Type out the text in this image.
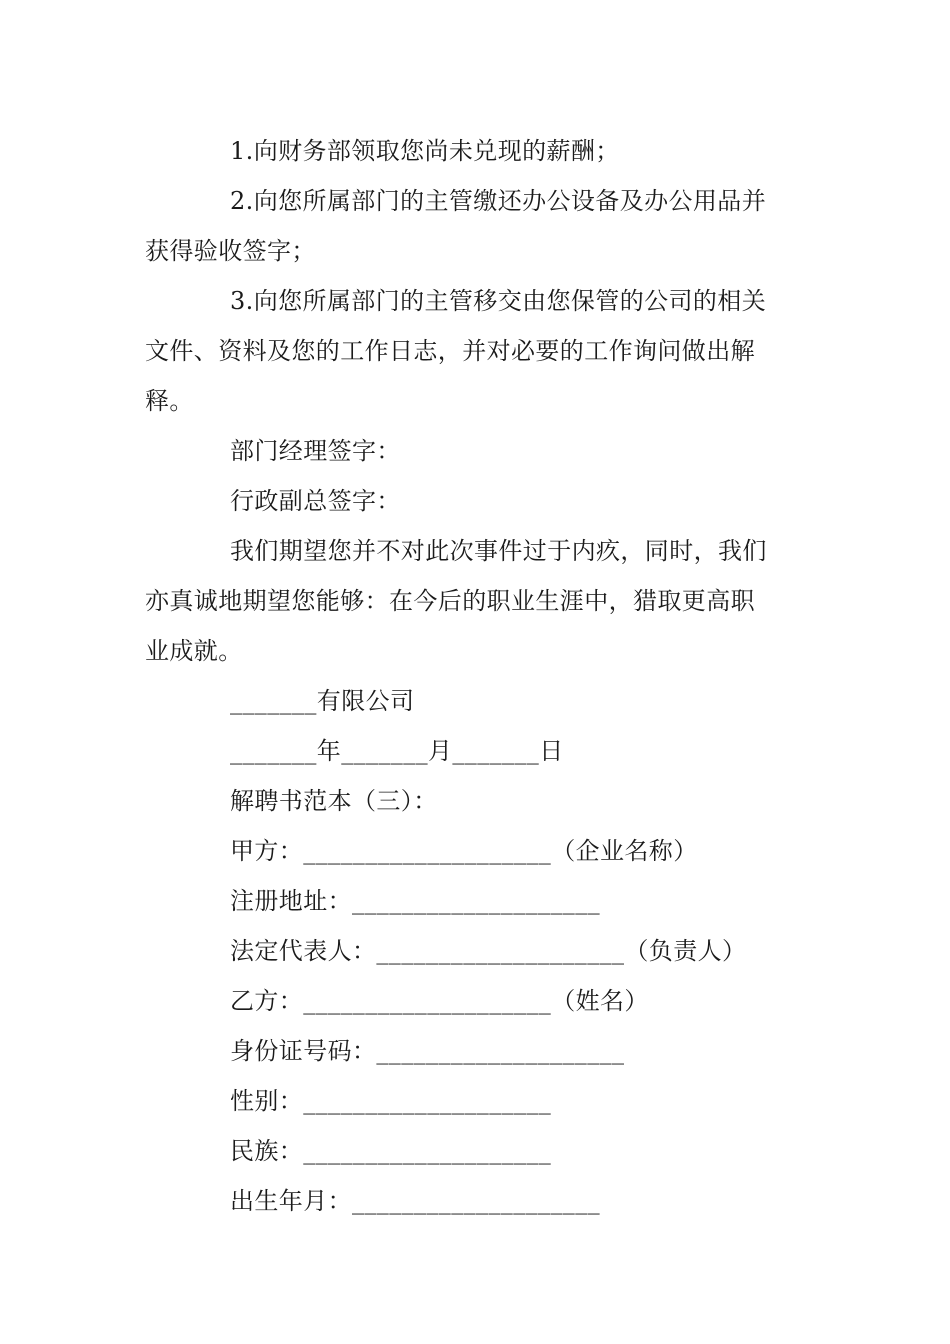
1.向财务部领取您尚未兑现的薪酬；
2.向您所属部门的主管缴还办公设备及办公用品并
获得验收签字；
3.向您所属部门的主管移交由您保管的公司的相关
文件、资料及您的工作日志，并对必要的工作询问做出解
释。
部门经理签字：
行政副总签字：
我们期望您并不对此次事件过于内疚，同时，我们
亦真诚地期望您能够：在今后的职业生涯中，猎取更高职
业成就。
_______有限公司
_______年_______月_______日
解聘书范本（三）：
甲方：____________________（企业名称）
注册地址：____________________
法定代表人：____________________（负责人）
乙方：____________________（姓名）
身份证号码：____________________
性别：____________________
民族：____________________
出生年月：____________________
